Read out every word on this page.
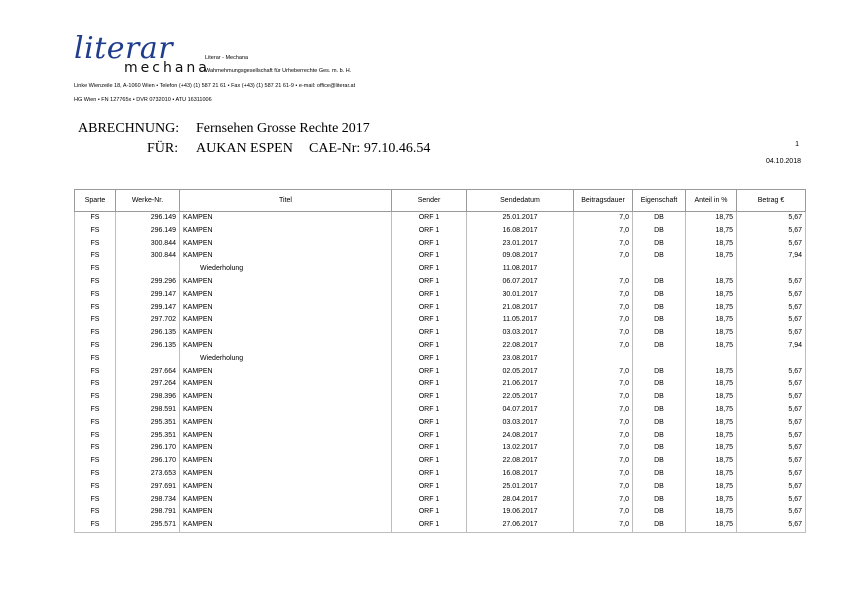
literar
mechana
Literar - Mechana
Wahrnehmungsgesellschaft für Urheberrechte Ges. m. b. H.
Linke Wienzeile 18, A-1060 Wien • Telefon (+43) (1) 587 21 61 • Fax (+43) (1) 587 21 61-9 • e-mail: office@literar.at
HG Wien • FN 127765x • DVR 0732010 • ATU 16311006
ABRECHNUNG: Fernsehen Grosse Rechte 2017
FÜR: AUKAN ESPEN CAE-Nr: 97.10.46.54	1
04.10.2018
Sparte	Werke-Nr.	Titel	Sender	Sendedatum	Beitragsdauer	Eigenschaft	Anteil in %	Betrag €
FS	296.149	KAMPEN	ORF 1	25.01.2017	7,0	DB	18,75	5,67
FS	296.149	KAMPEN	ORF 1	16.08.2017	7,0	DB	18,75	5,67
FS	300.844	KAMPEN	ORF 1	23.01.2017	7,0	DB	18,75	5,67
FS	300.844	KAMPEN	ORF 1	09.08.2017	7,0	DB	18,75	7,94
FS		Wiederholung	ORF 1	11.08.2017				
FS	299.296	KAMPEN	ORF 1	06.07.2017	7,0	DB	18,75	5,67
FS	299.147	KAMPEN	ORF 1	30.01.2017	7,0	DB	18,75	5,67
FS	299.147	KAMPEN	ORF 1	21.08.2017	7,0	DB	18,75	5,67
FS	297.702	KAMPEN	ORF 1	11.05.2017	7,0	DB	18,75	5,67
FS	296.135	KAMPEN	ORF 1	03.03.2017	7,0	DB	18,75	5,67
FS	296.135	KAMPEN	ORF 1	22.08.2017	7,0	DB	18,75	7,94
FS		Wiederholung	ORF 1	23.08.2017				
FS	297.664	KAMPEN	ORF 1	02.05.2017	7,0	DB	18,75	5,67
FS	297.264	KAMPEN	ORF 1	21.06.2017	7,0	DB	18,75	5,67
FS	298.396	KAMPEN	ORF 1	22.05.2017	7,0	DB	18,75	5,67
FS	298.591	KAMPEN	ORF 1	04.07.2017	7,0	DB	18,75	5,67
FS	295.351	KAMPEN	ORF 1	03.03.2017	7,0	DB	18,75	5,67
FS	295.351	KAMPEN	ORF 1	24.08.2017	7,0	DB	18,75	5,67
FS	296.170	KAMPEN	ORF 1	13.02.2017	7,0	DB	18,75	5,67
FS	296.170	KAMPEN	ORF 1	22.08.2017	7,0	DB	18,75	5,67
FS	273.653	KAMPEN	ORF 1	16.08.2017	7,0	DB	18,75	5,67
FS	297.691	KAMPEN	ORF 1	25.01.2017	7,0	DB	18,75	5,67
FS	298.734	KAMPEN	ORF 1	28.04.2017	7,0	DB	18,75	5,67
FS	298.791	KAMPEN	ORF 1	19.06.2017	7,0	DB	18,75	5,67
FS	295.571	KAMPEN	ORF 1	27.06.2017	7,0	DB	18,75	5,67
